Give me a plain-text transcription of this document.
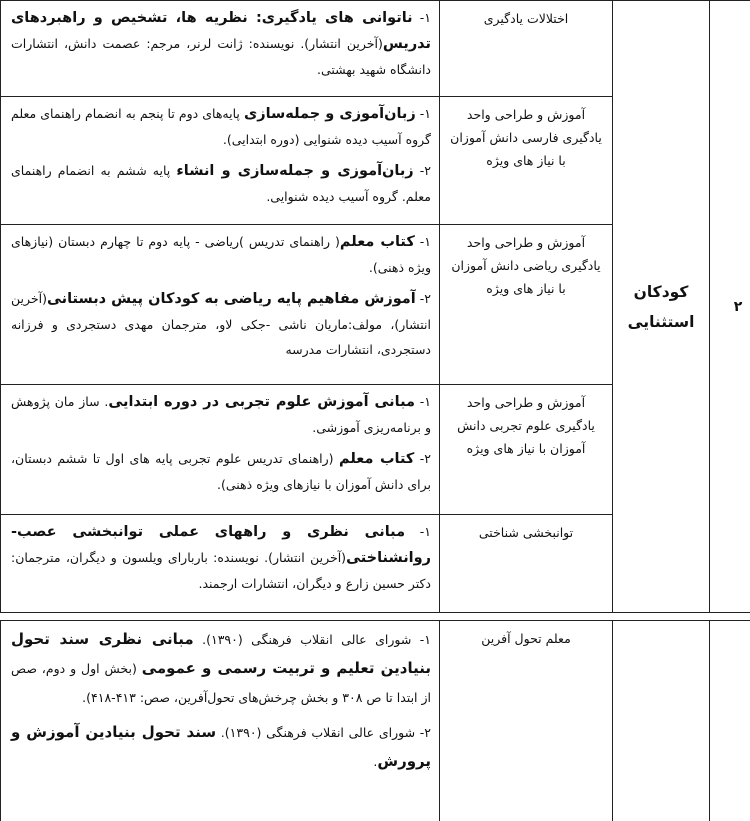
۲	کودکان استثنایی	اختلالات یادگیری	۱- ناتوانی های یادگیری: نظریه ها، تشخیص و راهبردهای تدریس(آخرین انتشار). نویسنده: ژانت لرنر، مرجم: عصمت دانش، انتشارات دانشگاه شهید بهشتی.

		آموزش و طراحی واحد یادگیری فارسی دانش آموزان با نیاز های ویژه	۱- زبان‌آموزی و جمله‌سازی پایه‌های دوم تا پنجم به انضمام راهنمای معلم گروه آسیب دیده شنوایی (دوره ابتدایی).
۲- زبان‌آموزی و جمله‌سازی و انشاء پایه ششم به انضمام راهنمای معلم. گروه آسیب دیده شنوایی.

		آموزش و طراحی واحد یادگیری ریاضی دانش آموزان با نیاز های ویژه	۱- کتاب معلم( راهنمای تدریس )ریاضی - پایه دوم تا چهارم دبستان (نیازهای ویژه ذهنی).
۲- آموزش مفاهیم پایه ریاضی به کودکان پیش دبستانی(آخرین انتشار)، مولف:ماریان ناشی -جکی لاو، مترجمان مهدی دستجردی و فرزانه دستجردی، انتشارات مدرسه

		آموزش و طراحی واحد یادگیری علوم تجربی دانش آموزان با نیاز های ویژه	۱- مبانی آموزش علوم تجربی در دوره ابتدایی. ساز مان پژوهش و برنامه‌ریزی آموزشی.
۲- کتاب معلم (راهنمای تدریس علوم تجربی پایه های اول تا ششم دبستان، برای دانش آموزان با نیازهای ویژه ذهنی).

		توانبخشی شناختی	۱- مبانی نظری و راههای عملی توانبخشی عصب- روانشناختی(آخرین انتشار). نویسنده: باربارای ویلسون و دیگران، مترجمان: دکتر حسین زارع و دیگران، انتشارات ارجمند.

		معلم تحول آفرین	۱- شورای عالی انقلاب فرهنگی (۱۳۹۰). مبانی نظری سند تحول بنیادین تعلیم و تربیت رسمی و عمومی (بخش اول و دوم، صص از ابتدا تا ص ۳۰۸ و بخش چرخش‌های تحول‌آفرین، صص: ۴۱۳-۴۱۸).
۲- شورای عالی انقلاب فرهنگی (۱۳۹۰). سند تحول بنیادین آموزش و پرورش.
